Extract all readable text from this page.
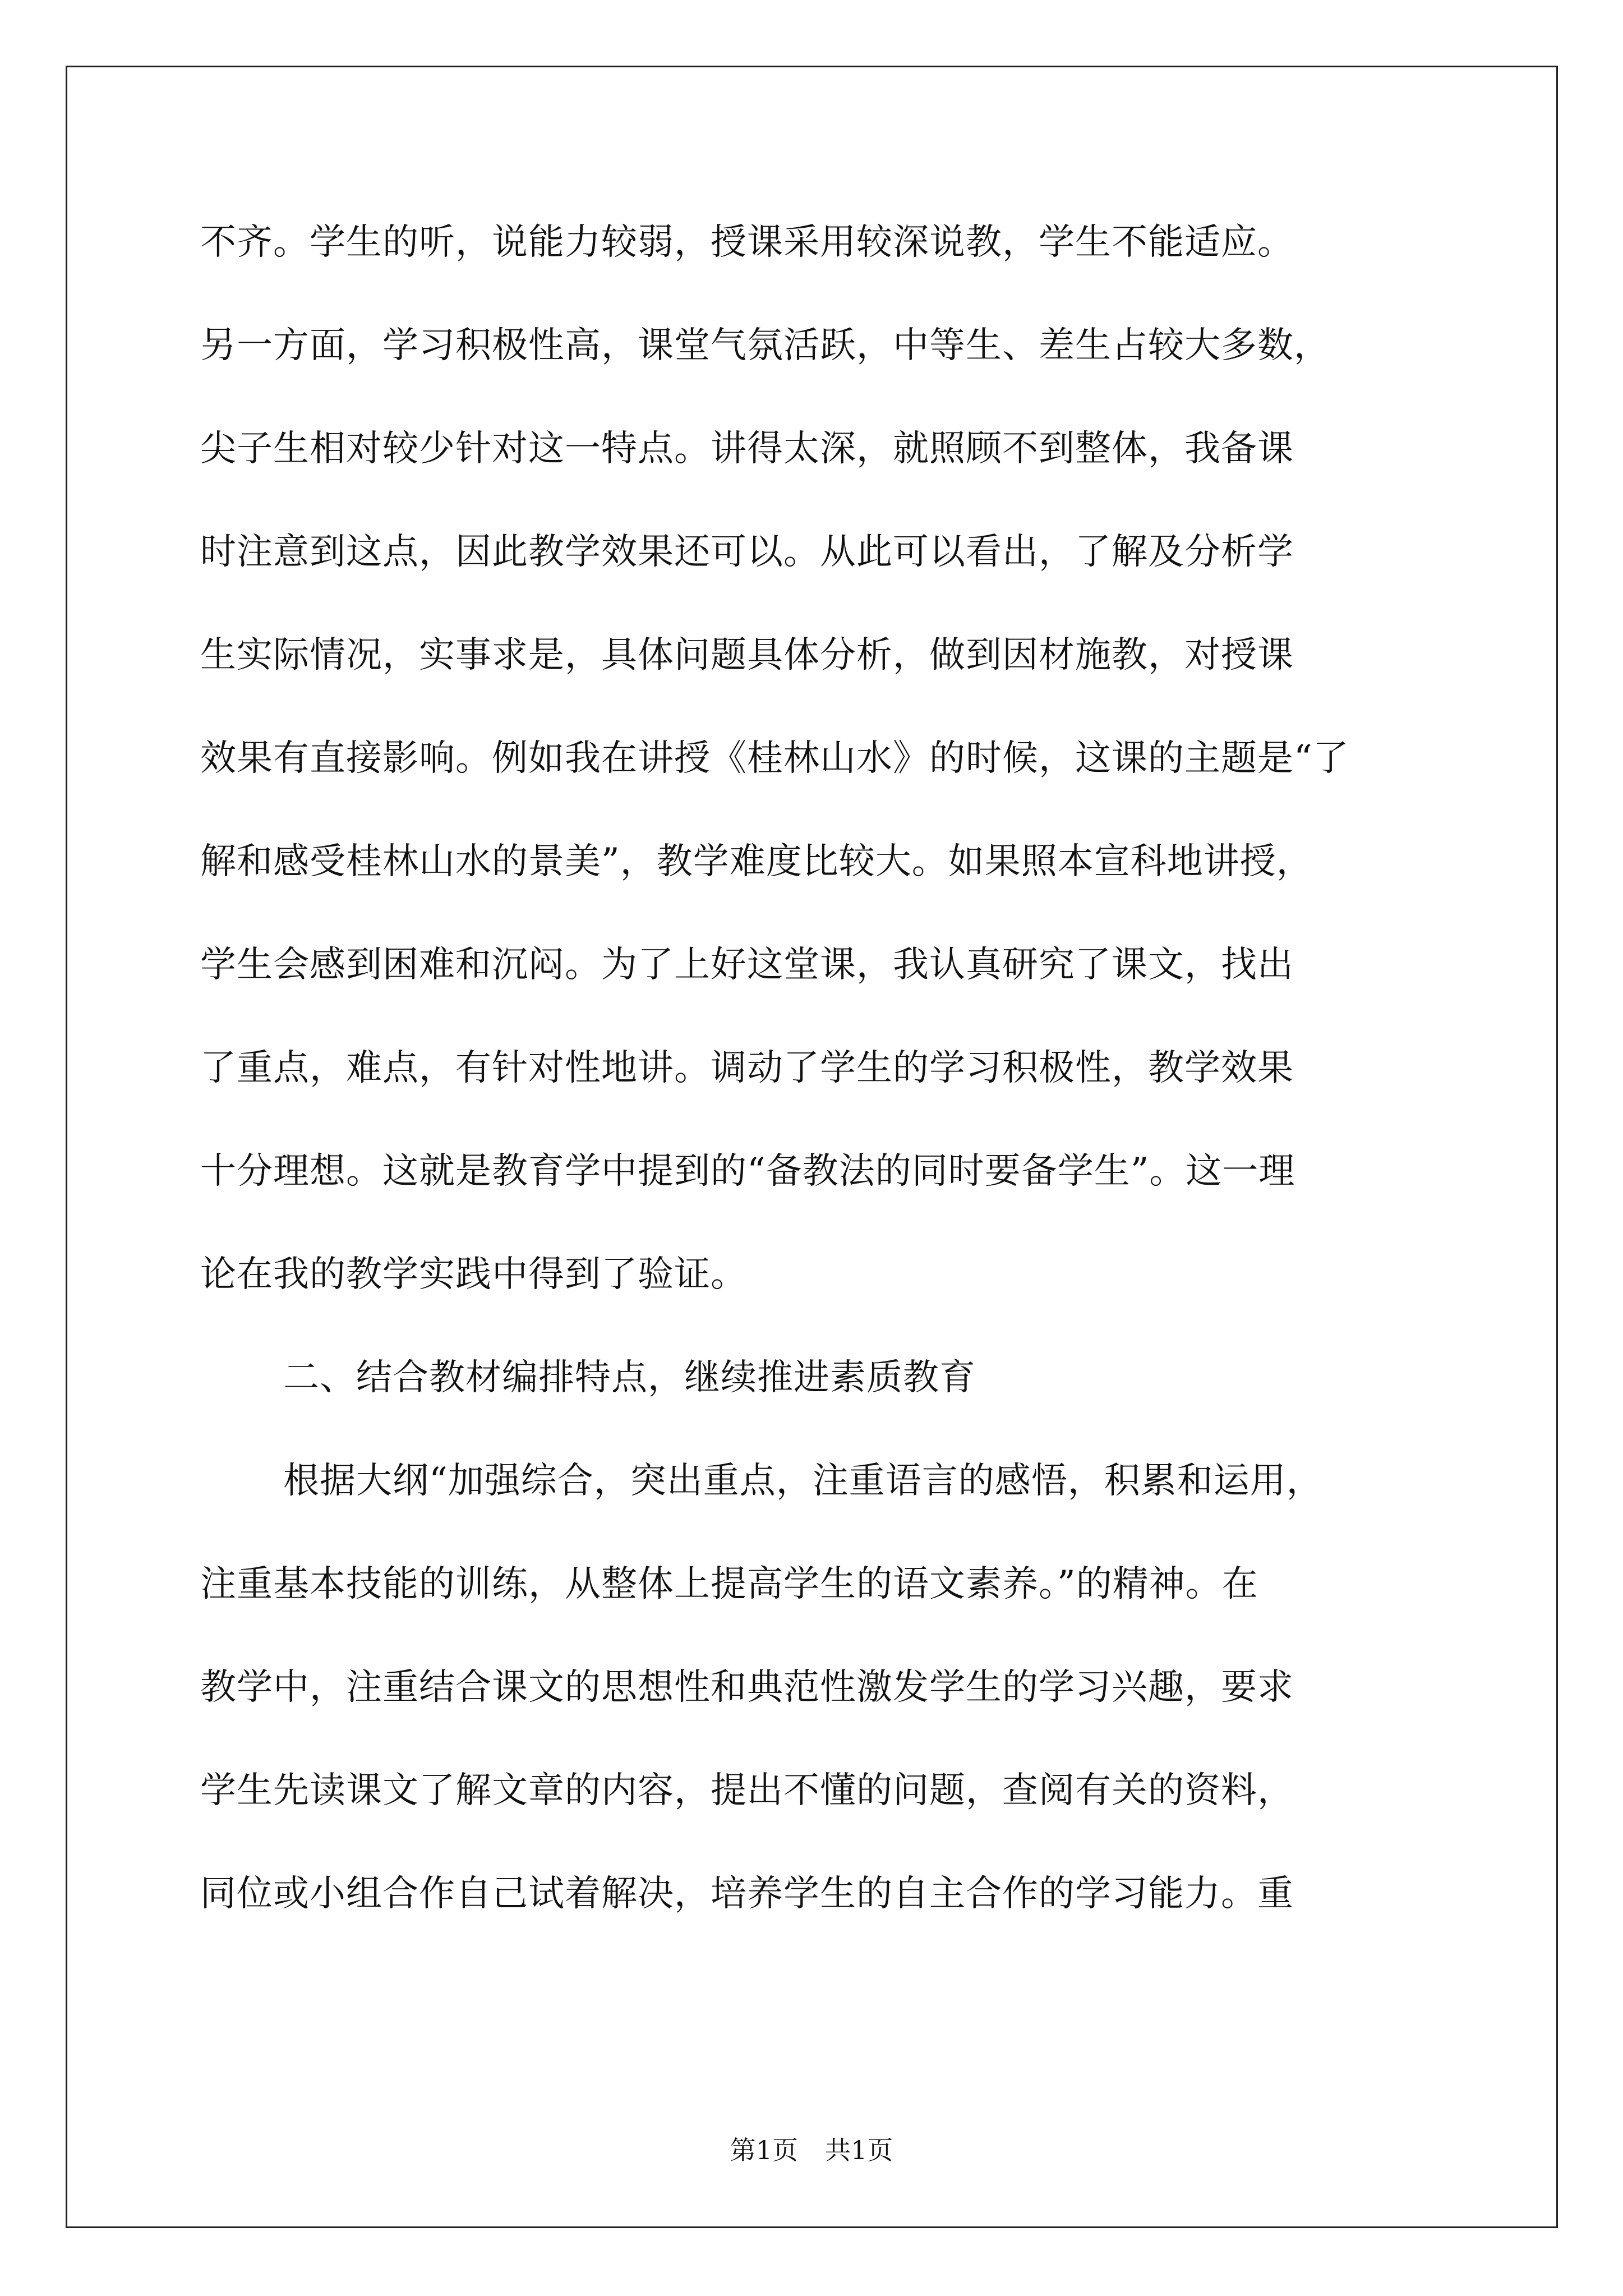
不齐。学生的听，说能力较弱，授课采用较深说教，学生不能适应。
另一方面，学习积极性高，课堂气氛活跃，中等生、差生占较大多数，
尖子生相对较少针对这一特点。讲得太深，就照顾不到整体，我备课
时注意到这点，因此教学效果还可以。从此可以看出，了解及分析学
生实际情况，实事求是，具体问题具体分析，做到因材施教，对授课
效果有直接影响。例如我在讲授《桂林山水》的时候，这课的主题是“了
解和感受桂林山水的景美”，教学难度比较大。如果照本宣科地讲授，
学生会感到困难和沉闷。为了上好这堂课，我认真研究了课文，找出
了重点，难点，有针对性地讲。调动了学生的学习积极性，教学效果
十分理想。这就是教育学中提到的“备教法的同时要备学生”。这一理
论在我的教学实践中得到了验证。
二、结合教材编排特点，继续推进素质教育
根据大纲“加强综合，突出重点，注重语言的感悟，积累和运用，
注重基本技能的训练，从整体上提高学生的语文素养。”的精神。在
教学中，注重结合课文的思想性和典范性激发学生的学习兴趣，要求
学生先读课文了解文章的内容，提出不懂的问题，查阅有关的资料，
同位或小组合作自己试着解决，培养学生的自主合作的学习能力。重
第1页 共1页
